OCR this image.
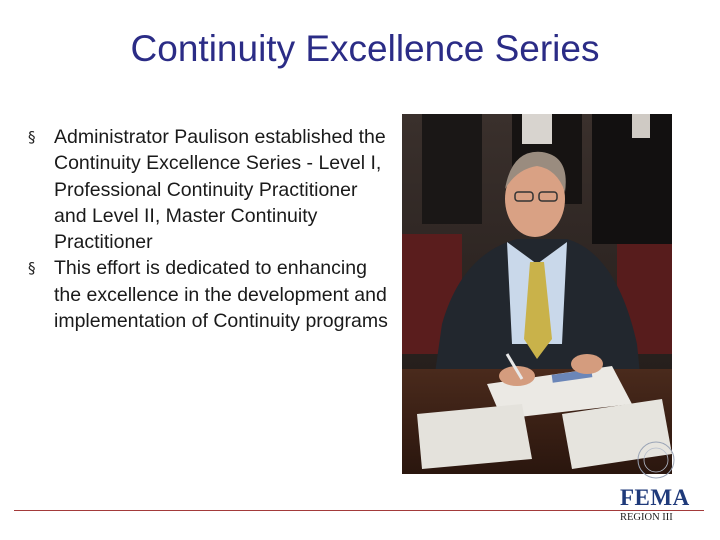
Continuity Excellence Series
§ Administrator Paulison established the Continuity Excellence Series - Level I, Professional Continuity Practitioner and Level II, Master Continuity Practitioner
§ This effort is dedicated to enhancing the excellence in the development and implementation of Continuity programs
FEMA
REGION III
